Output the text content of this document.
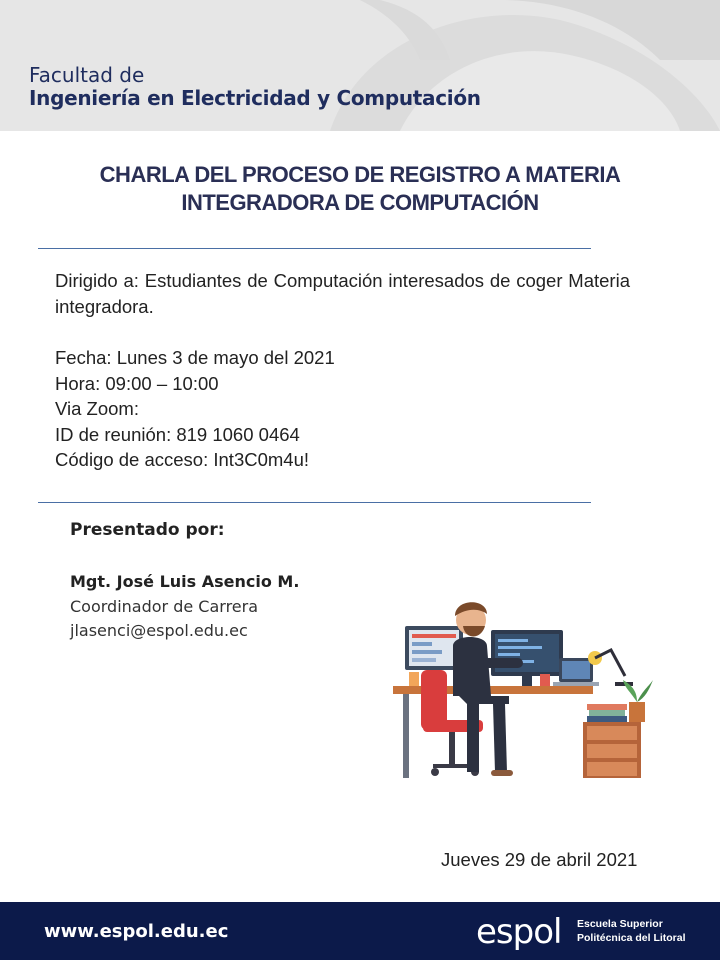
Facultad de
Ingeniería en Electricidad y Computación
CHARLA DEL PROCESO DE REGISTRO A MATERIA
INTEGRADORA DE COMPUTACIÓN
Dirigido a: Estudiantes de Computación interesados de coger Materia integradora.
Fecha: Lunes 3 de mayo del 2021
Hora: 09:00 – 10:00
Via Zoom:
ID de reunión: 819 1060 0464
Código de acceso: Int3C0m4u!
Presentado por:
Mgt. José Luis Asencio M.
Coordinador de Carrera
jlasenci@espol.edu.ec
Jueves 29 de abril 2021
www.espol.edu.ec	espol Escuela Superior
Politécnica del Litoral
